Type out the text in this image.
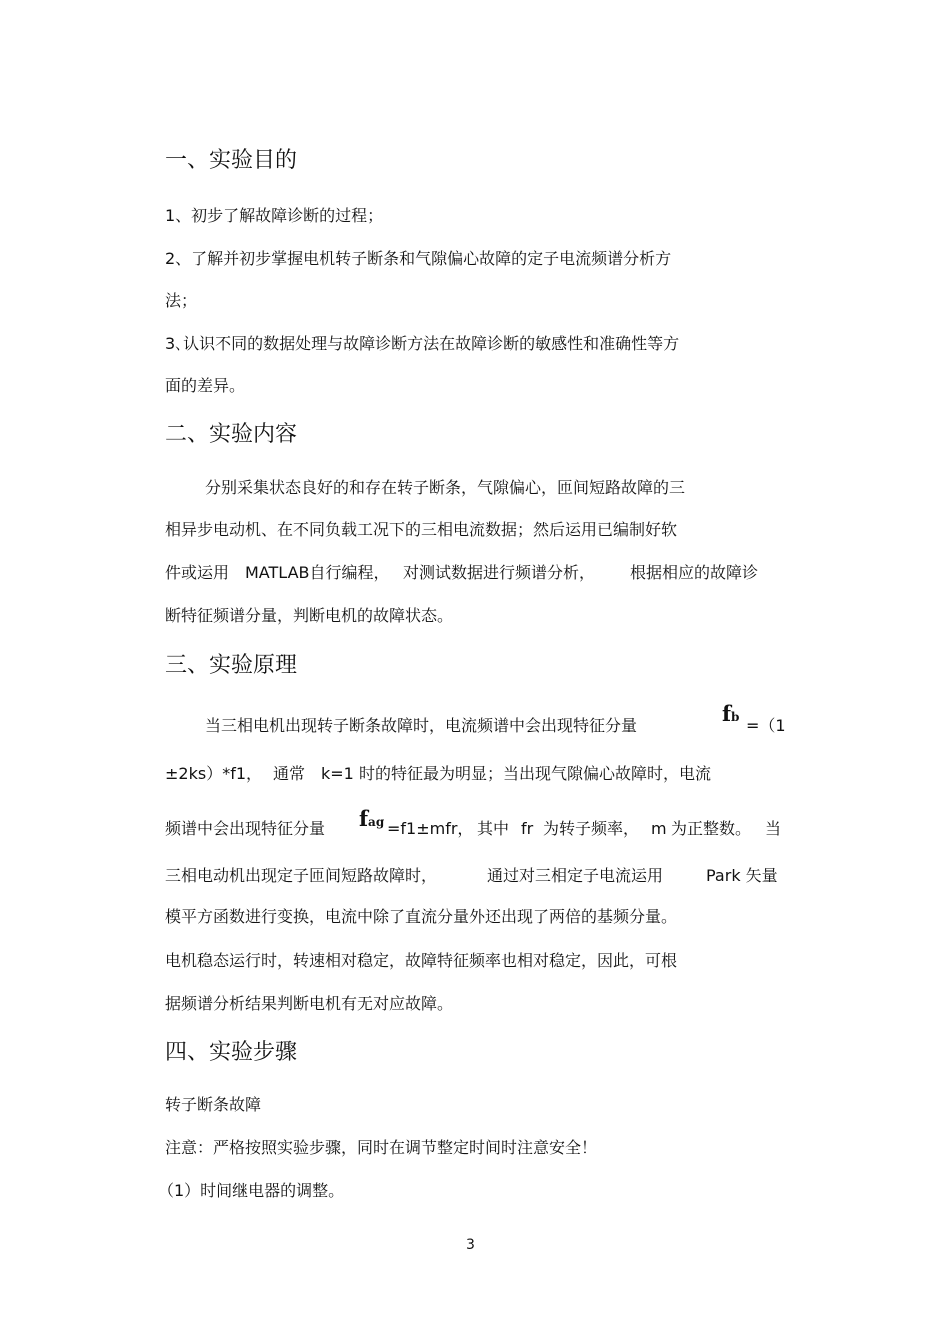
一、实验目的
1、初步了解故障诊断的过程；
2、了解并初步掌握电机转子断条和气隙偏心故障的定子电流频谱分析方
法；
3､认识不同的数据处理与故障诊断方法在故障诊断的敏感性和准确性等方
面的差异。
二、实验内容
分别采集状态良好的和存在转子断条，气隙偏心，匝间短路故障的三
相异步电动机、在不同负载工况下的三相电流数据；然后运用已编制好软
件或运用 MATLAB自行编程， 对测试数据进行频谱分析， 根据相应的故障诊
断特征频谱分量，判断电机的故障状态。
三、实验原理
当三相电机出现转子断条故障时，电流频谱中会出现特征分量	fb =（1
±2ks）*f1， 通常 k=1 时的特征最为明显；当出现气隙偏心故障时，电流
频谱中会出现特征分量 fag =f1±mfr， 其中 fr 为转子频率， m 为正整数。 当
三相电动机出现定子匝间短路故障时，	通过对三相定子电流运用	Park 矢量
模平方函数进行变换，电流中除了直流分量外还出现了两倍的基频分量。
电机稳态运行时，转速相对稳定，故障特征频率也相对稳定，因此，可根
据频谱分析结果判断电机有无对应故障。
四、实验步骤
转子断条故障
注意：严格按照实验步骤，同时在调节整定时间时注意安全！
（1）时间继电器的调整。
3
